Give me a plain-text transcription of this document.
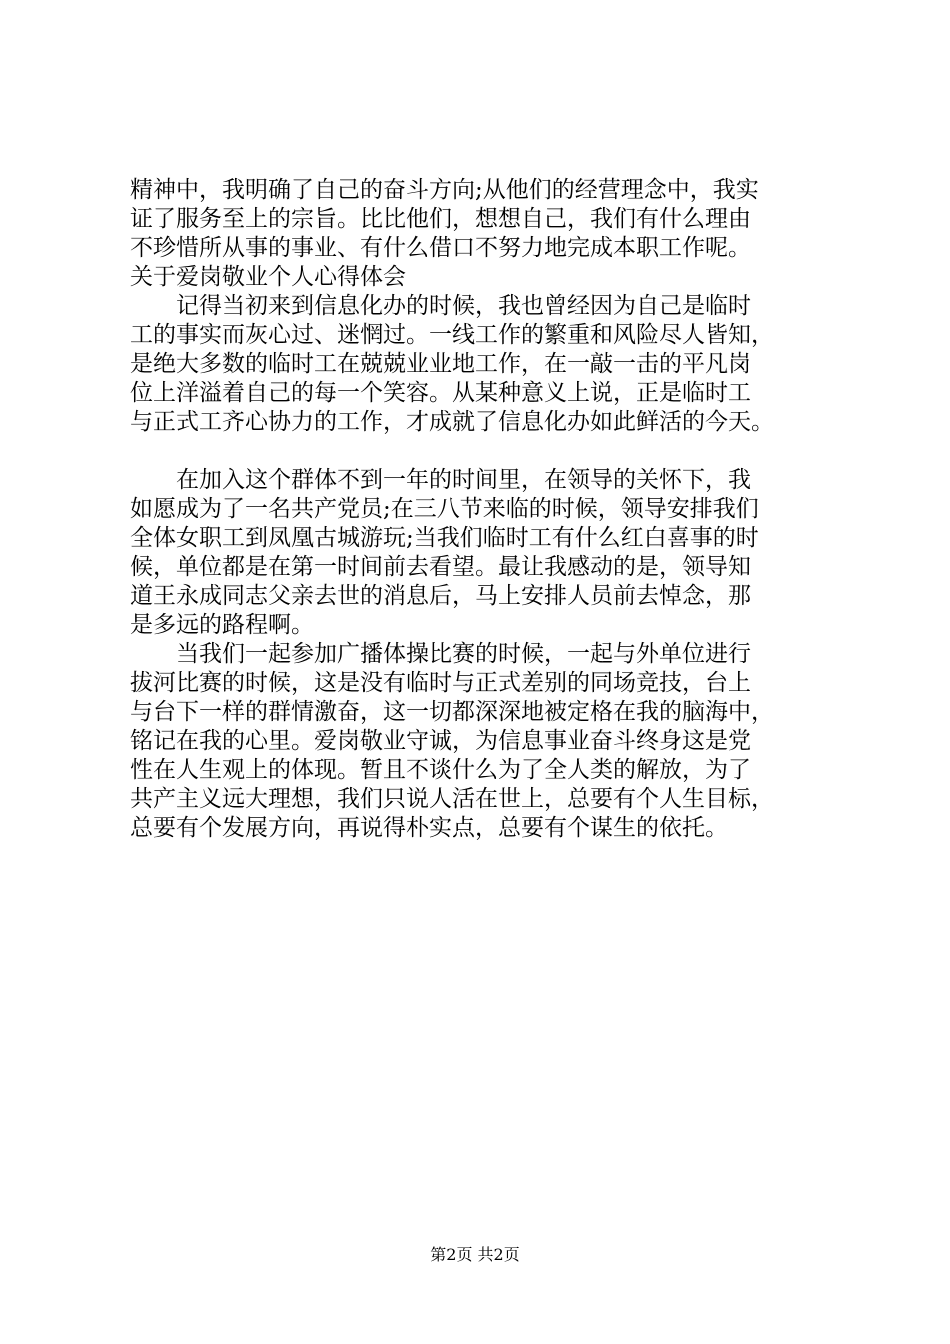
精神中，我明确了自己的奋斗方向;从他们的经营理念中，我实
证了服务至上的宗旨。比比他们，想想自己，我们有什么理由
不珍惜所从事的事业、有什么借口不努力地完成本职工作呢。

关于爱岗敬业个人心得体会

记得当初来到信息化办的时候，我也曾经因为自己是临时
工的事实而灰心过、迷惘过。一线工作的繁重和风险尽人皆知，
是绝大多数的临时工在兢兢业业地工作，在一敲一击的平凡岗
位上洋溢着自己的每一个笑容。从某种意义上说，正是临时工
与正式工齐心协力的工作，才成就了信息化办如此鲜活的今天。

在加入这个群体不到一年的时间里，在领导的关怀下，我
如愿成为了一名共产党员;在三八节来临的时候，领导安排我们
全体女职工到凤凰古城游玩;当我们临时工有什么红白喜事的时
候，单位都是在第一时间前去看望。最让我感动的是，领导知
道王永成同志父亲去世的消息后，马上安排人员前去悼念，那
是多远的路程啊。

当我们一起参加广播体操比赛的时候，一起与外单位进行
拔河比赛的时候，这是没有临时与正式差别的同场竞技，台上
与台下一样的群情激奋，这一切都深深地被定格在我的脑海中，
铭记在我的心里。爱岗敬业守诚，为信息事业奋斗终身这是党
性在人生观上的体现。暂且不谈什么为了全人类的解放，为了
共产主义远大理想，我们只说人活在世上，总要有个人生目标，
总要有个发展方向，再说得朴实点，总要有个谋生的依托。

第2页 共2页
